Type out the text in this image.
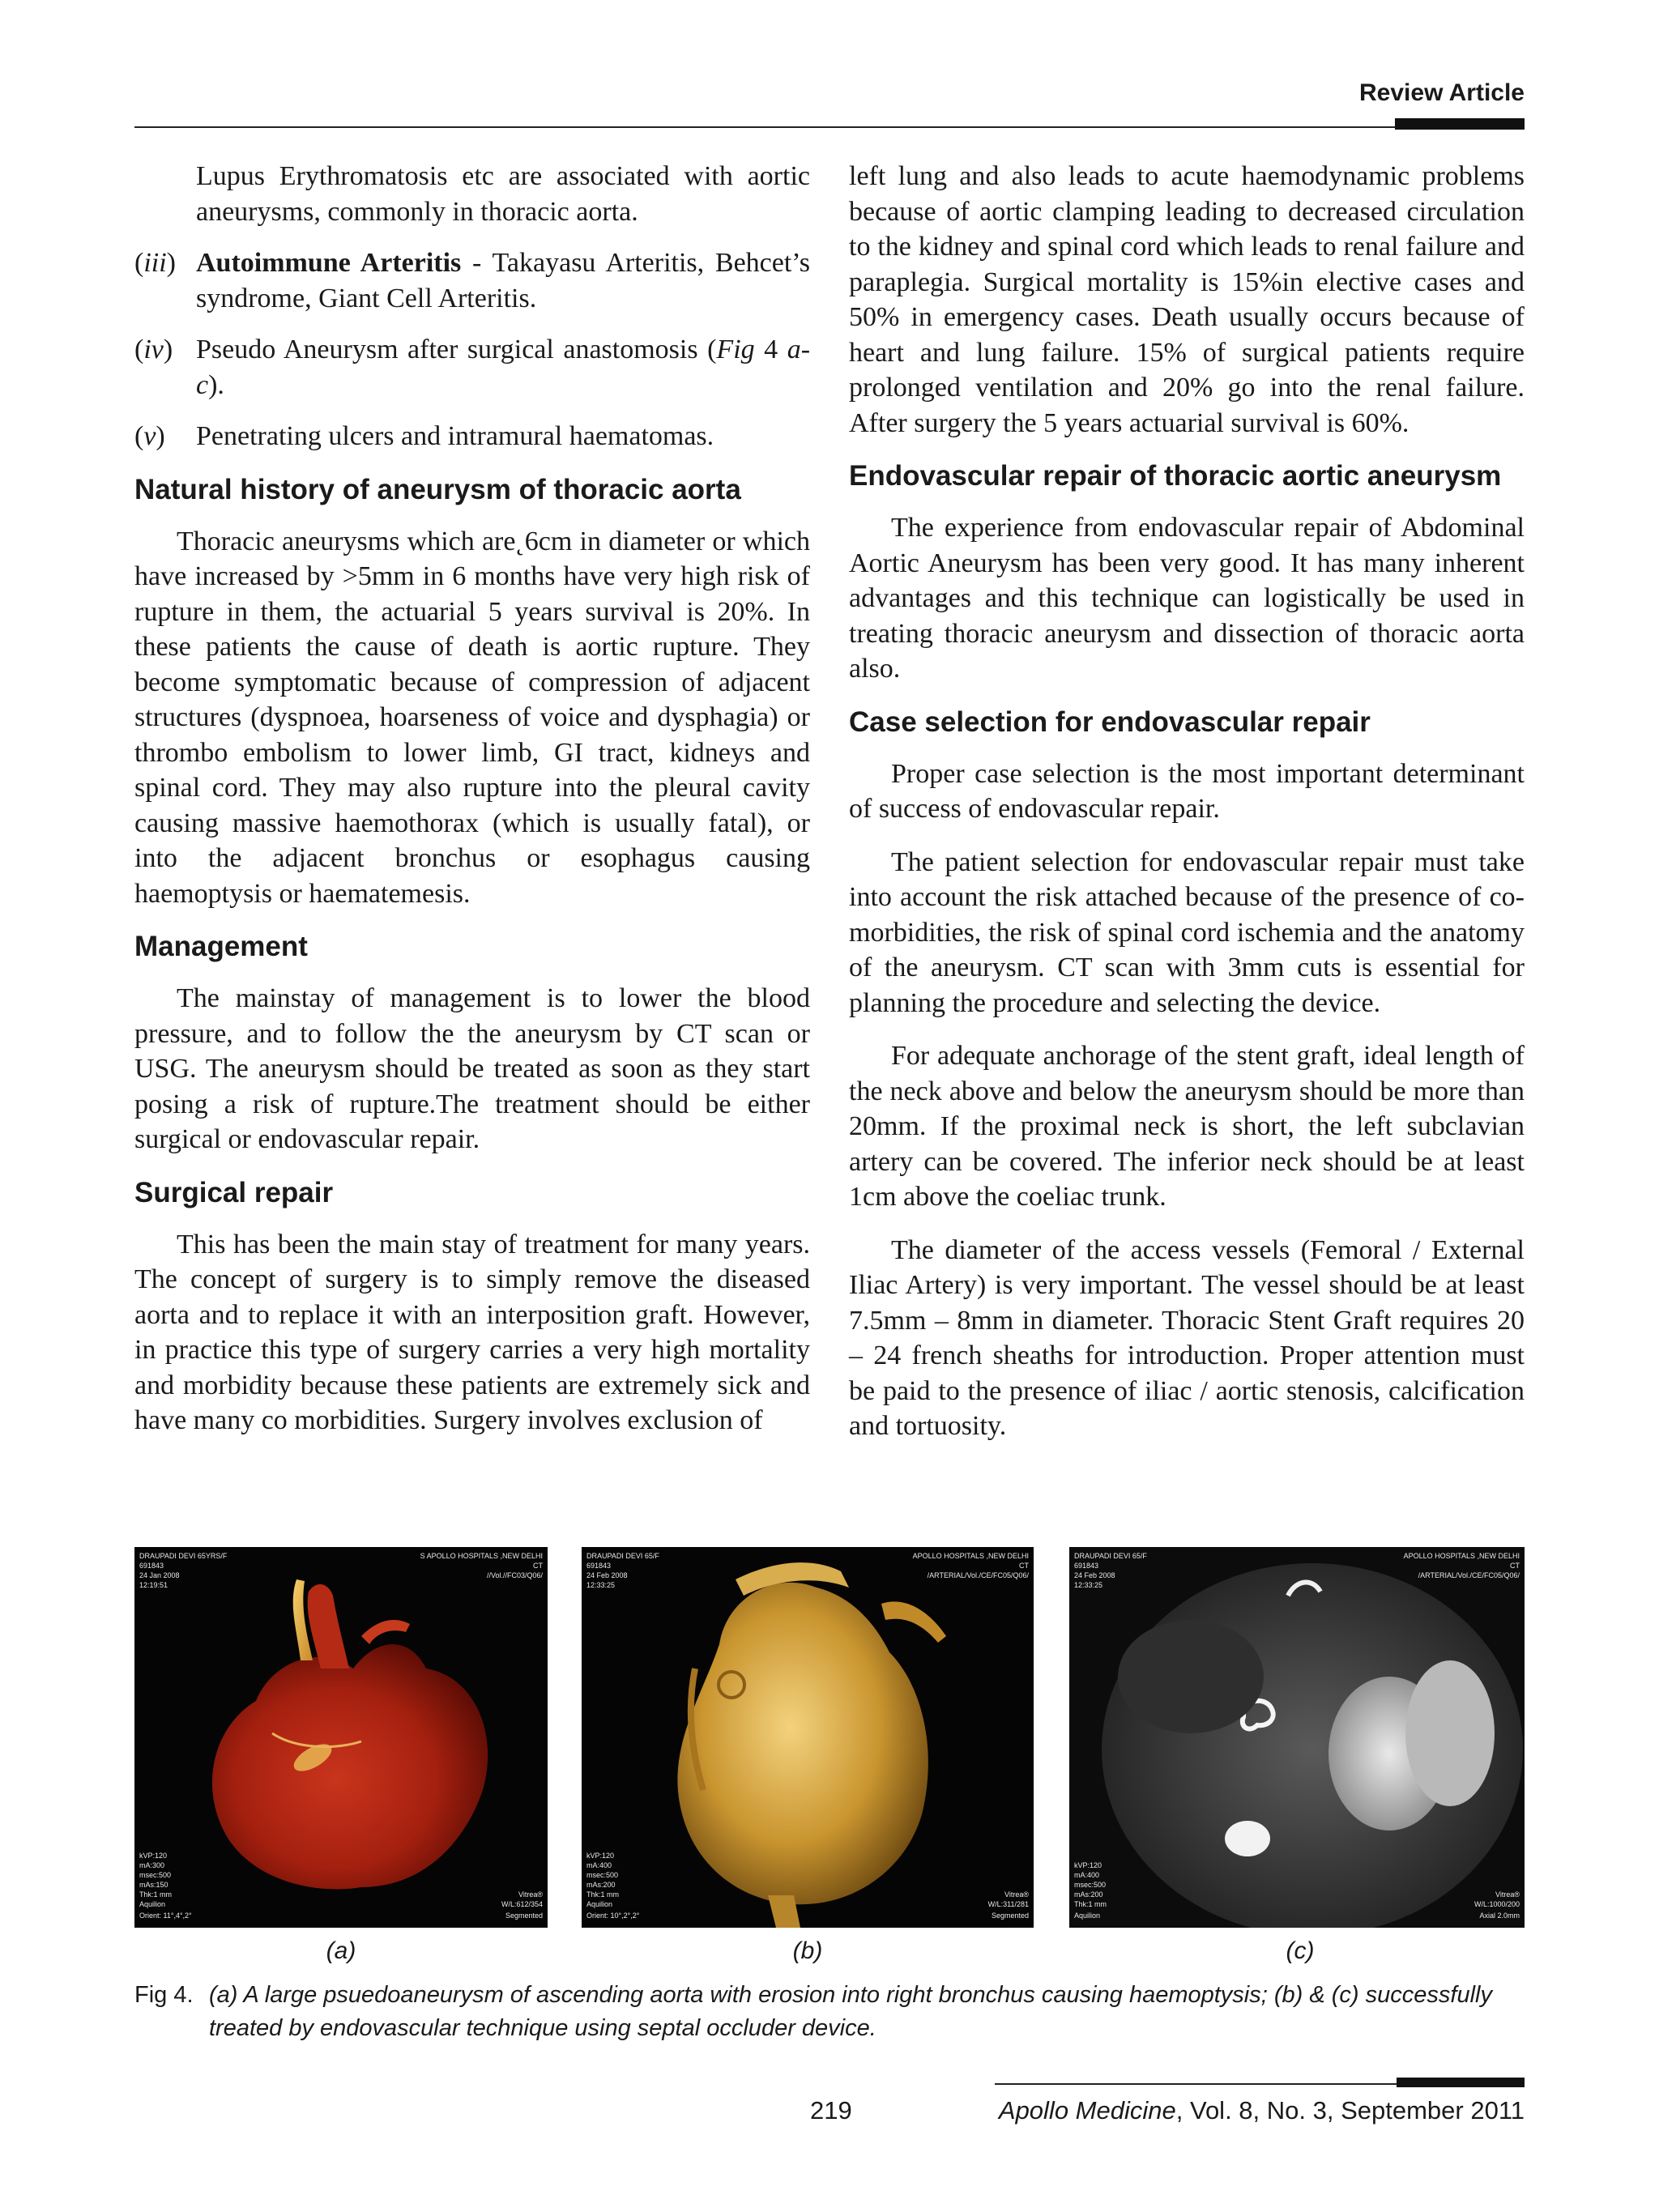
Review Article
Lupus Erythromatosis etc are associated with aortic aneurysms, commonly in thoracic aorta.
(iii) Autoimmune Arteritis - Takayasu Arteritis, Behcet’s syndrome, Giant Cell Arteritis.
(iv) Pseudo Aneurysm after surgical anastomosis (Fig 4 a-c).
(v)	Penetrating ulcers and intramural haematomas.
Natural history of aneurysm of thoracic aorta

Thoracic aneurysms which are˛6cm in diameter or which have increased by >5mm in 6 months have very high risk of rupture in them, the actuarial 5 years survival is 20%. In these patients the cause of death is aortic rupture. They become symptomatic because of compression of adjacent structures (dyspnoea, hoarseness of voice and dysphagia) or thrombo embolism to lower limb, GI tract, kidneys and spinal cord. They may also rupture into the pleural cavity causing massive haemothorax (which is usually fatal), or into the adjacent bronchus or esophagus causing haemoptysis or haematemesis.

Management

The mainstay of management is to lower the blood pressure, and to follow the the aneurysm by CT scan or USG. The aneurysm should be treated as soon as they start posing a risk of rupture.The treatment should be either surgical or endovascular repair.

Surgical repair

This has been the main stay of treatment for many years. The concept of surgery is to simply remove the diseased aorta and to replace it with an interposition graft. However, in practice this type of surgery carries a very high mortality and morbidity because these patients are extremely sick and have many co morbidities. Surgery involves exclusion of

left lung and also leads to acute haemodynamic problems because of aortic clamping leading to decreased circulation to the kidney and spinal cord which leads to renal failure and paraplegia. Surgical mortality is 15%in elective cases and 50% in emergency cases. Death usually occurs because of heart and lung failure. 15% of surgical patients require prolonged ventilation and 20% go into the renal failure. After surgery the 5 years actuarial survival is 60%.

Endovascular repair of thoracic aortic aneurysm

The experience from endovascular repair of Abdominal Aortic Aneurysm has been very good. It has many inherent advantages and this technique can logistically be used in treating thoracic aneurysm and dissection of thoracic aorta also.

Case selection for endovascular repair

Proper case selection is the most important determinant of success of endovascular repair.

The patient selection for endovascular repair must take into account the risk attached because of the presence of co-morbidities, the risk of spinal cord ischemia and the anatomy of the aneurysm. CT scan with 3mm cuts is essential for planning the procedure and selecting the device.

For adequate anchorage of the stent graft, ideal length of the neck above and below the aneurysm should be more than 20mm. If the proximal neck is short, the left subclavian artery can be covered. The inferior neck should be at least 1cm above the coeliac trunk.

The diameter of the access vessels (Femoral / External Iliac Artery) is very important. The vessel should be at least 7.5mm – 8mm in diameter. Thoracic Stent Graft requires 20 – 24 french sheaths for introduction. Proper attention must be paid to the presence of iliac / aortic stenosis, calcification and tortuosity.

DRAUPADI DEVI 65YRS/F
691843
24 Jan 2008
12:19:51
S APOLLO HOSPITALS ,NEW DELHI
CT
//Vol.//FC03/Q06/
kVP:120
mA:300
msec:500
mAs:150
Thk:1 mm
Aquilion
Orient: 11°,4°,2°
Vitrea®
W/L:612/354
Segmented
DRAUPADI DEVI 65/F
691843
24 Feb 2008
12:33:25
APOLLO HOSPITALS ,NEW DELHI
CT
/ARTERIAL/Vol./CE/FC05/Q06/
kVP:120
mA:400
msec:500
mAs:200
Thk:1 mm
Aquilion
Orient: 10°,2°,2°
Vitrea®
W/L:311/281
Segmented
DRAUPADI DEVI 65/F
691843
24 Feb 2008
12:33:25
APOLLO HOSPITALS ,NEW DELHI
CT
/ARTERIAL/Vol./CE/FC05/Q06/
kVP:120
mA:400
msec:500
mAs:200
Thk:1 mm
Aquilion
Vitrea®
W/L:1000/200
Axial 2.0mm
(a)	(b)	(c)
Fig 4. (a) A large psuedoaneurysm of ascending aorta with erosion into right bronchus causing haemoptysis; (b) & (c) successfully treated by endovascular technique using septal occluder device.
219	Apollo Medicine, Vol. 8, No. 3, September 2011
